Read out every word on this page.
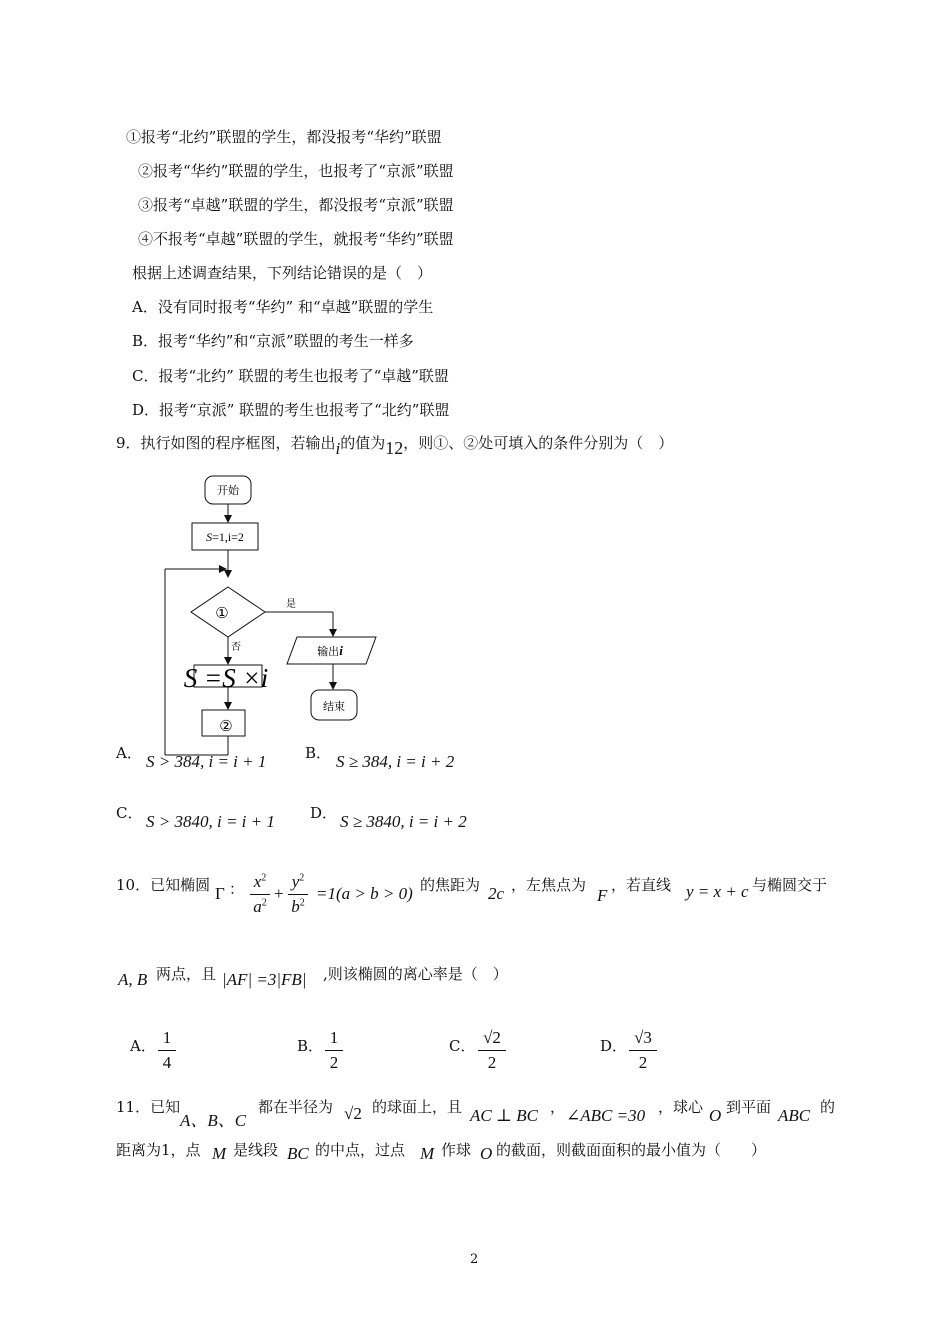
①报考“北约”联盟的学生，都没报考“华约”联盟
②报考“华约”联盟的学生，也报考了“京派”联盟
③报考“卓越”联盟的学生，都没报考“京派”联盟
④不报考“卓越”联盟的学生，就报考“华约”联盟
根据上述调查结果，下列结论错误的是（　）
A．没有同时报考“华约” 和“卓越”联盟的学生
B．报考“华约”和“京派”联盟的考生一样多
C．报考“北约” 联盟的考生也报考了“卓越”联盟
D．报考“京派” 联盟的考生也报考了“北约”联盟
9．执行如图的程序框图，若输出i的值为12，则①、②处可填入的条件分别为（　）
开始
S=1,i=2
①	是
输出i
结束
否
S =S ×i
②
A． S > 384, i = i + 1	B． S ≥ 384, i = i + 2
C． S > 3840, i = i + 1 D． S ≥ 3840, i = i + 2
10．已知椭圆 Γ ： $x^2$
$a^2$ +
$y^2$
$b^2 =1(a > b > 0)$ 的焦距为 2c ，左焦点为
F
，若直线 y = x + c 与椭圆交于
A, B 两点，且 |AF| =3|FB| ,则该椭圆的离心率是（　）
A． 1
4
B． 1
2
C． √2
2
D． √3
2
11．已知
A、B、C
都在半径为 √2 的球面上，且 AC ⊥ BC ， ∠ABC =30 ，球心 O 到平面 ABC 的
距离为1，点 M 是线段 BC 的中点，过点 M 作球 O 的截面，则截面面积的最小值为（　　）
2
